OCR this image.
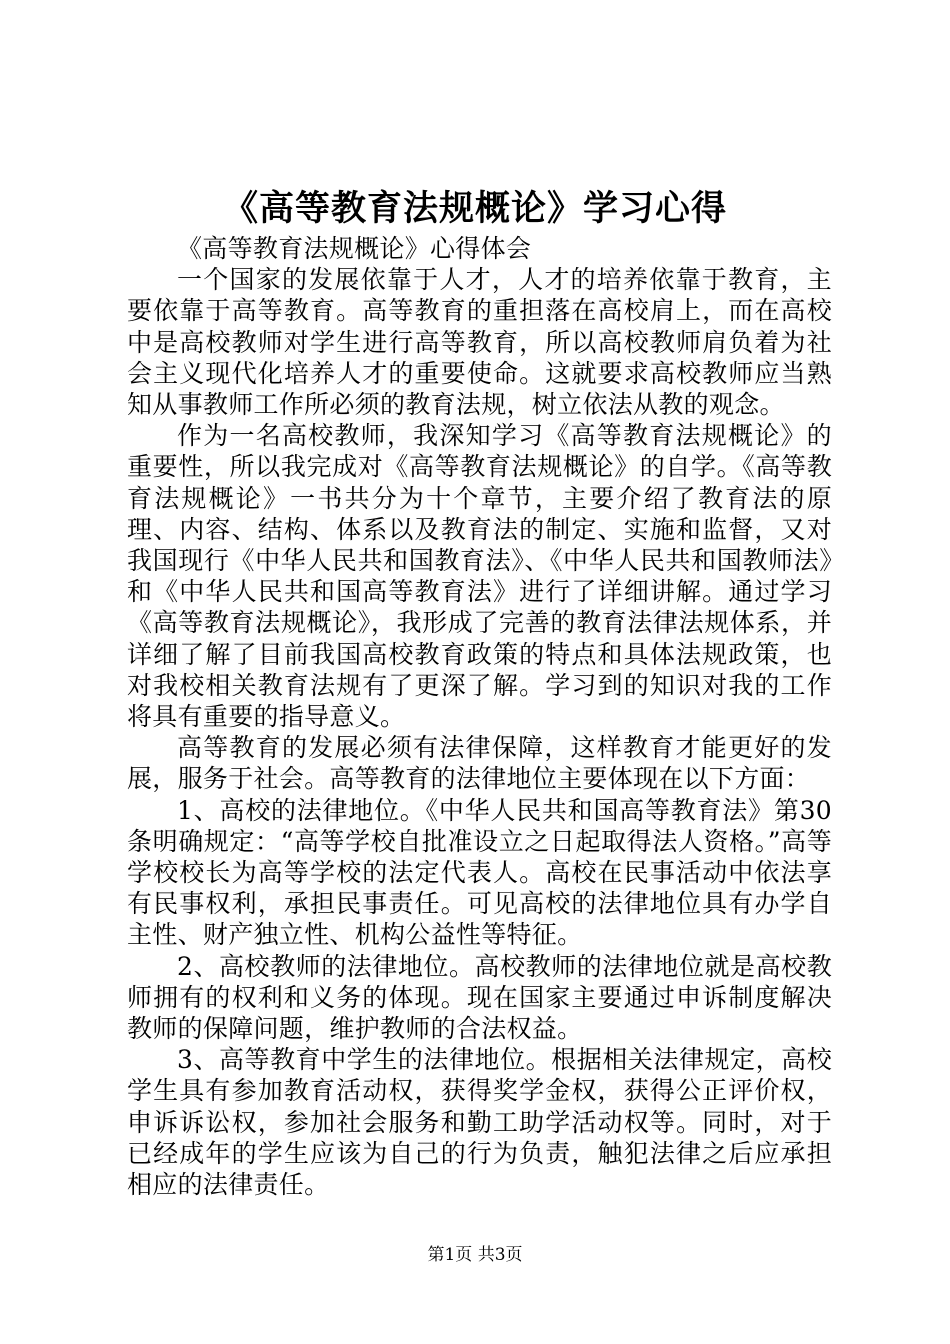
《高等教育法规概论》学习心得

《高等教育法规概论》心得体会

一个国家的发展依靠于人才，人才的培养依靠于教育，主要依靠于高等教育。高等教育的重担落在高校肩上，而在高校中是高校教师对学生进行高等教育，所以高校教师肩负着为社会主义现代化培养人才的重要使命。这就要求高校教师应当熟知从事教师工作所必须的教育法规，树立依法从教的观念。

作为一名高校教师，我深知学习《高等教育法规概论》的重要性，所以我完成对《高等教育法规概论》的自学。《高等教育法规概论》一书共分为十个章节，主要介绍了教育法的原理、内容、结构、体系以及教育法的制定、实施和监督，又对我国现行《中华人民共和国教育法》、《中华人民共和国教师法》和《中华人民共和国高等教育法》进行了详细讲解。通过学习《高等教育法规概论》，我形成了完善的教育法律法规体系，并详细了解了目前我国高校教育政策的特点和具体法规政策，也对我校相关教育法规有了更深了解。学习到的知识对我的工作将具有重要的指导意义。

高等教育的发展必须有法律保障，这样教育才能更好的发展，服务于社会。高等教育的法律地位主要体现在以下方面：

1、高校的法律地位。《中华人民共和国高等教育法》第30条明确规定：“高等学校自批准设立之日起取得法人资格。”高等学校校长为高等学校的法定代表人。高校在民事活动中依法享有民事权利，承担民事责任。可见高校的法律地位具有办学自主性、财产独立性、机构公益性等特征。

2、高校教师的法律地位。高校教师的法律地位就是高校教师拥有的权利和义务的体现。现在国家主要通过申诉制度解决教师的保障问题，维护教师的合法权益。

3、高等教育中学生的法律地位。根据相关法律规定，高校学生具有参加教育活动权，获得奖学金权，获得公正评价权，申诉诉讼权，参加社会服务和勤工助学活动权等。同时，对于已经成年的学生应该为自己的行为负责，触犯法律之后应承担相应的法律责任。

第1页 共3页
